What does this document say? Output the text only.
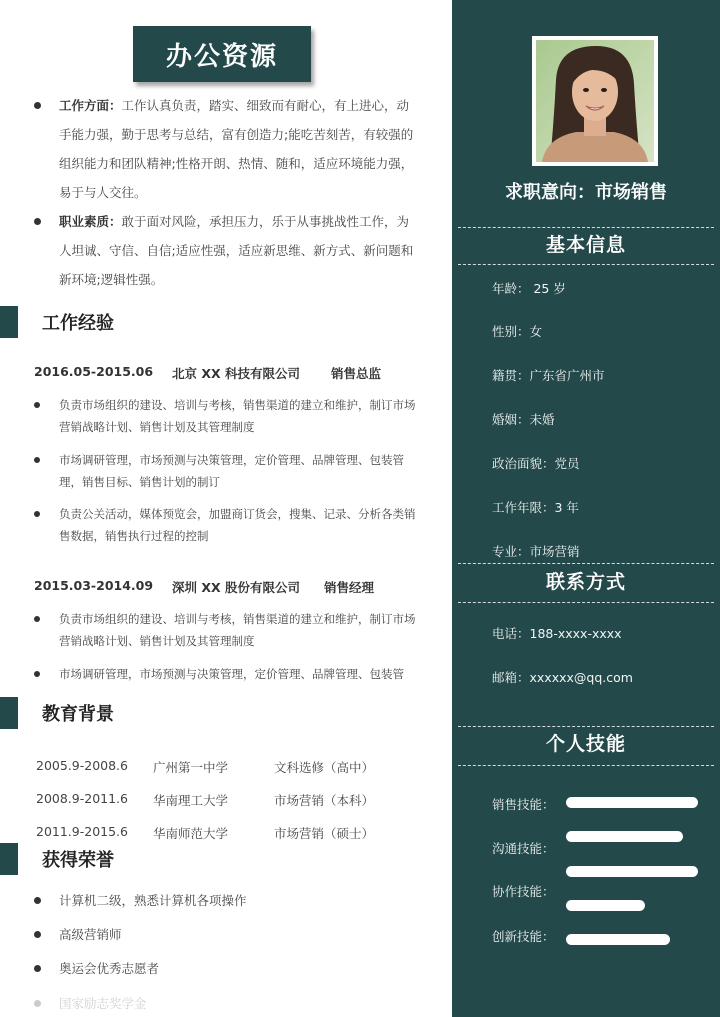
办公资源
工作方面：工作认真负责，踏实、细致而有耐心，有上进心，动手能力强，勤于思考与总结，富有创造力;能吃苦刻苦，有较强的组织能力和团队精神;性格开朗、热情、随和，适应环境能力强，易于与人交往。
职业素质：敢于面对风险，承担压力，乐于从事挑战性工作，为人坦诚、守信、自信;适应性强，适应新思维、新方式、新问题和新环境;逻辑性强。
工作经验
2016.05-2015.06 北京 XX 科技有限公司 销售总监
负责市场组织的建设、培训与考核，销售渠道的建立和维护，制订市场营销战略计划、销售计划及其管理制度
市场调研管理，市场预测与决策管理，定价管理、品牌管理、包装管理，销售目标、销售计划的制订
负责公关活动，媒体预览会，加盟商订货会，搜集、记录、分析各类销售数据，销售执行过程的控制
2015.03-2014.09 深圳 XX 股份有限公司 销售经理
负责市场组织的建设、培训与考核，销售渠道的建立和维护，制订市场营销战略计划、销售计划及其管理制度
市场调研管理，市场预测与决策管理，定价管理、品牌管理、包装管
教育背景
2005.9-2008.6 广州第一中学	文科选修（高中）
2008.9-2011.6 华南理工大学	市场营销（本科）
2011.9-2015.6 华南师范大学	市场营销（硕士）
获得荣誉
计算机二级，熟悉计算机各项操作
高级营销师
奥运会优秀志愿者
国家励志奖学金
求职意向：市场销售
基本信息
年龄： 25 岁
性别：女
籍贯：广东省广州市
婚姻：未婚
政治面貌：党员
工作年限：3 年
专业：市场营销
联系方式
电话：188-xxxx-xxxx
邮箱：xxxxxx@qq.com
个人技能
销售技能：
沟通技能：
协作技能：
创新技能：
